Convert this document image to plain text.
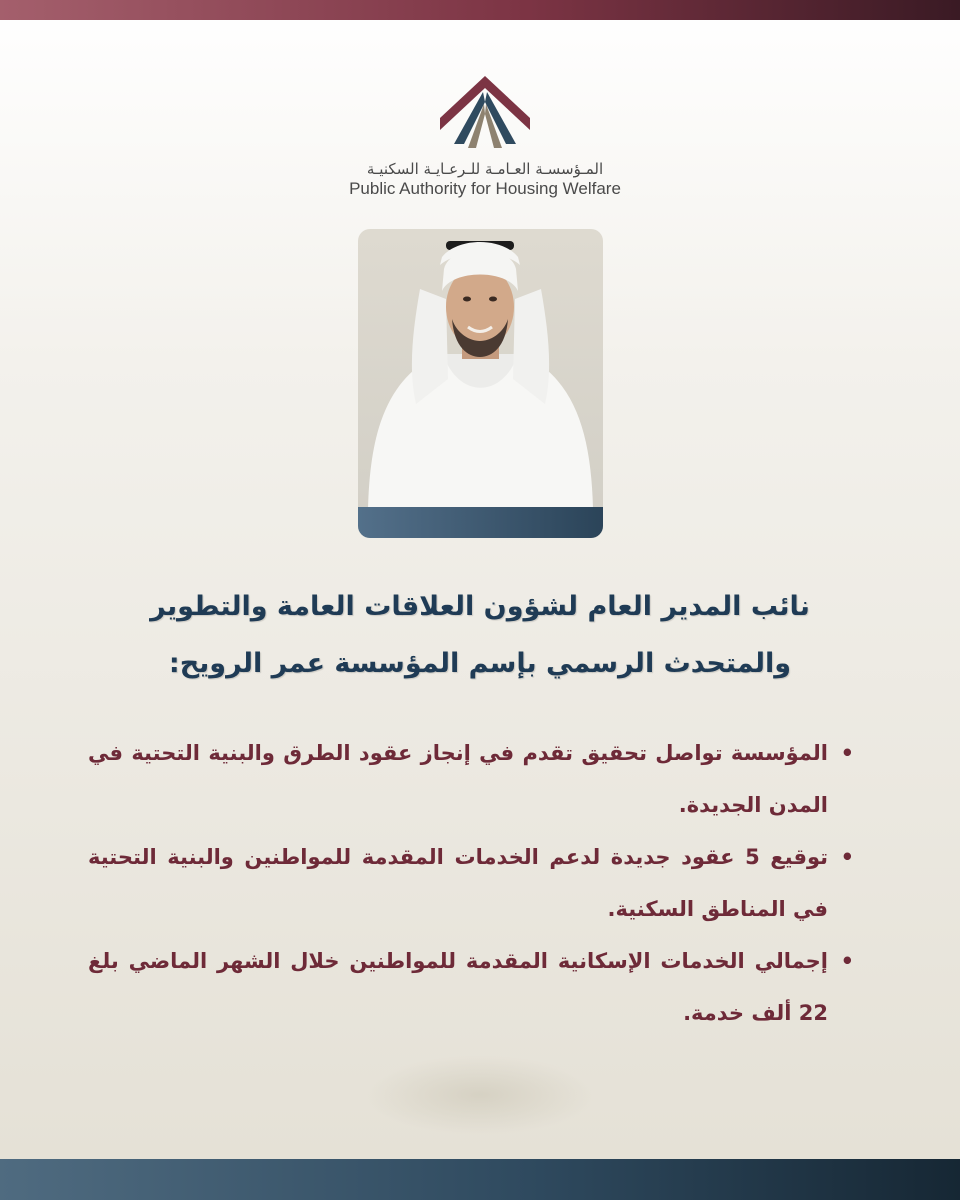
المـؤسسـة العـامـة للـرعـايـة السكنيـة
Public Authority for Housing Welfare
نائب المدير العام لشؤون العلاقات العامة والتطوير
والمتحدث الرسمي بإسم المؤسسة عمر الرويح:
•
المؤسسة تواصل تحقيق تقدم في إنجاز عقود الطرق والبنية التحتية في المدن الجديدة.
•
توقيع 5 عقود جديدة لدعم الخدمات المقدمة للمواطنين والبنية التحتية في المناطق السكنية.
•
إجمالي الخدمات الإسكانية المقدمة للمواطنين خلال الشهر الماضي بلغ 22 ألف خدمة.
